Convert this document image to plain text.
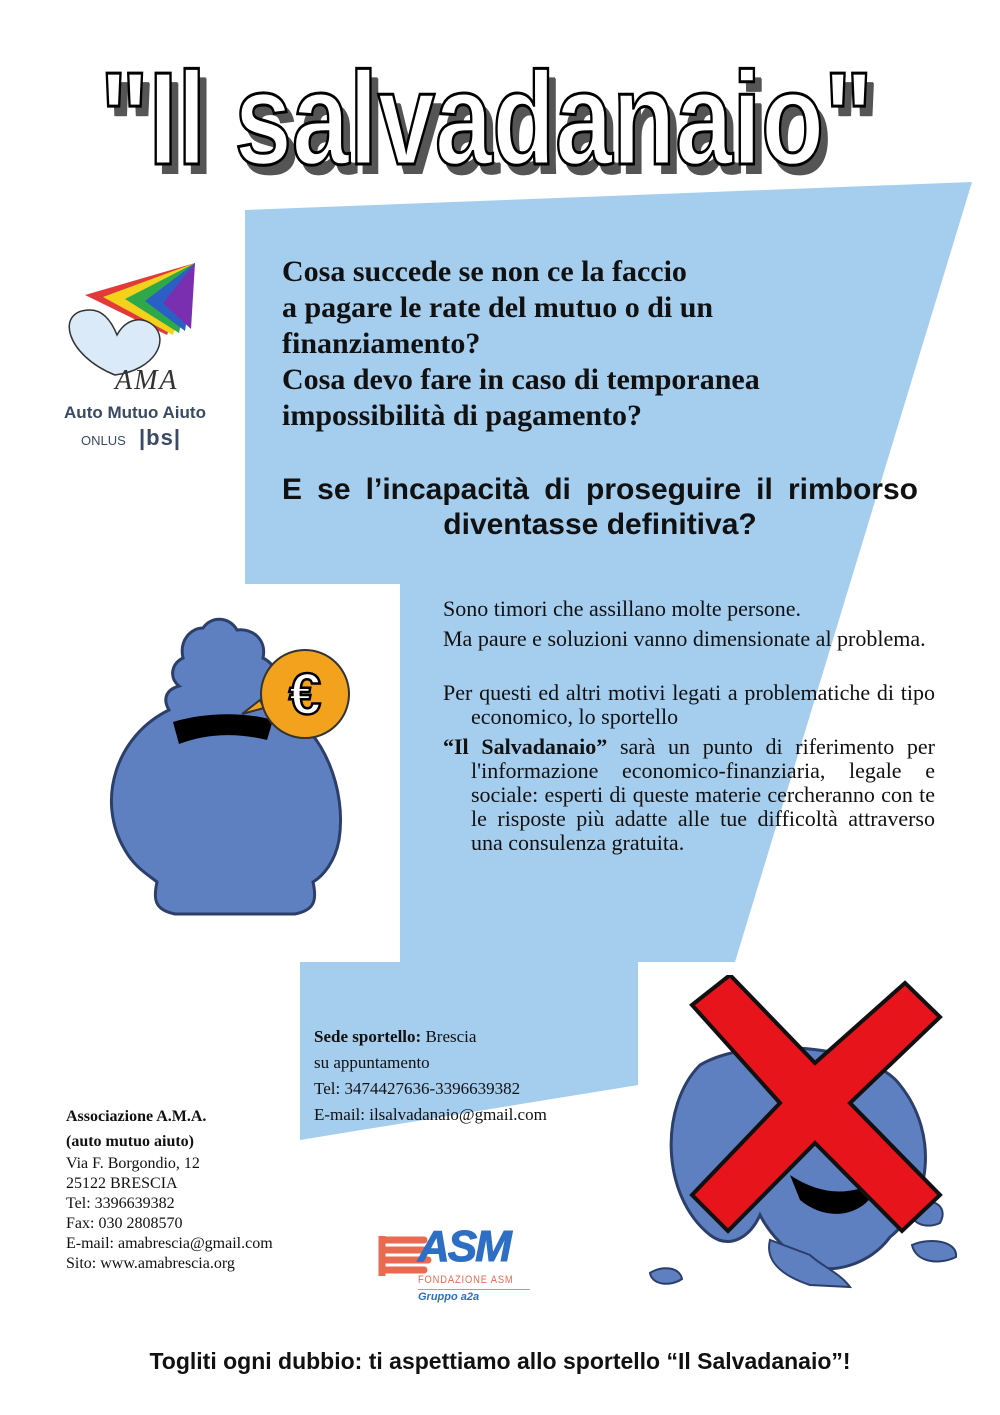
"Il salvadanaio"
AMA
Auto Mutuo Aiuto
ONLUS |bs|

Cosa succede se non ce la faccio

a pagare le rate del mutuo o di un

finanziamento?

Cosa devo fare in caso di temporanea

impossibilità di pagamento?

E se l’incapacità di proseguire il rimborso diventasse definitiva?
€

Sono timori che assillano molte persone.

Ma paure e soluzioni vanno dimensionate al problema.

Per questi ed altri motivi legati a problematiche di tipo economico, lo sportello

“Il Salvadanaio” sarà un punto di riferimento per l'informazione economico-finanziaria, legale e sociale: esperti di queste materie cercheranno con te le risposte più adatte alle tue difficoltà attraverso una consulenza gratuita.

Sede sportello: Brescia
su appuntamento
Tel: 3474427636-3396639382
E-mail: ilsalvadanaio@gmail.com
Associazione A.M.A.
(auto mutuo aiuto)
Via F. Borgondio, 12
25122 BRESCIA
Tel: 3396639382
Fax: 030 2808570
E-mail: amabrescia@gmail.com
Sito: www.amabrescia.org	ASM
FONDAZIONE ASM
Gruppo a2a
Togliti ogni dubbio: ti aspettiamo allo sportello “Il Salvadanaio”!
